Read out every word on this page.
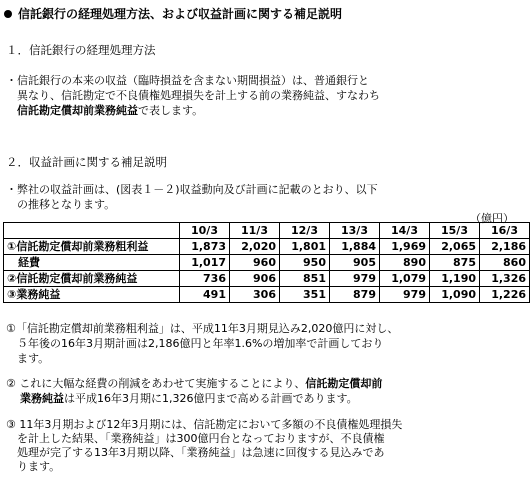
信託銀行の経理処理方法、および収益計画に関する補足説明
１．信託銀行の経理処理方法
・信託銀行の本来の収益（臨時損益を含まない期間損益）は、普通銀行と
　異なり、信託勘定で不良債権処理損失を計上する前の業務純益、すなわち
　信託勘定償却前業務純益で表します。
２．収益計画に関する補足説明
・弊社の収益計画は、(図表１－２)収益動向及び計画に記載のとおり、以下
　の推移となります。
（億円）
	10/3	11/3	12/3	13/3	14/3	15/3	16/3
①信託勘定償却前業務粗利益	1,873	2,020	1,801	1,884	1,969	2,065	2,186
経費	1,017	960	950	905	890	875	860
②信託勘定償却前業務純益	736	906	851	979	1,079	1,190	1,326
③業務純益	491	306	351	879	979	1,090	1,226
①「信託勘定償却前業務粗利益」は、平成11年3月期見込み2,020億円に対し、
　５年後の16年3月期計画は2,186億円と年率1.6%の増加率で計画しており
　ます。
② これに大幅な経費の削減をあわせて実施することにより、信託勘定償却前
業務純益は平成16年3月期に1,326億円まで高める計画であります。
③ 11年3月期および12年3月期には、信託勘定において多額の不良債権処理損失
　を計上した結果、「業務純益」は300億円台となっておりますが、不良債権
　処理が完了する13年3月期以降、「業務純益」は急速に回復する見込みであ
　ります。
